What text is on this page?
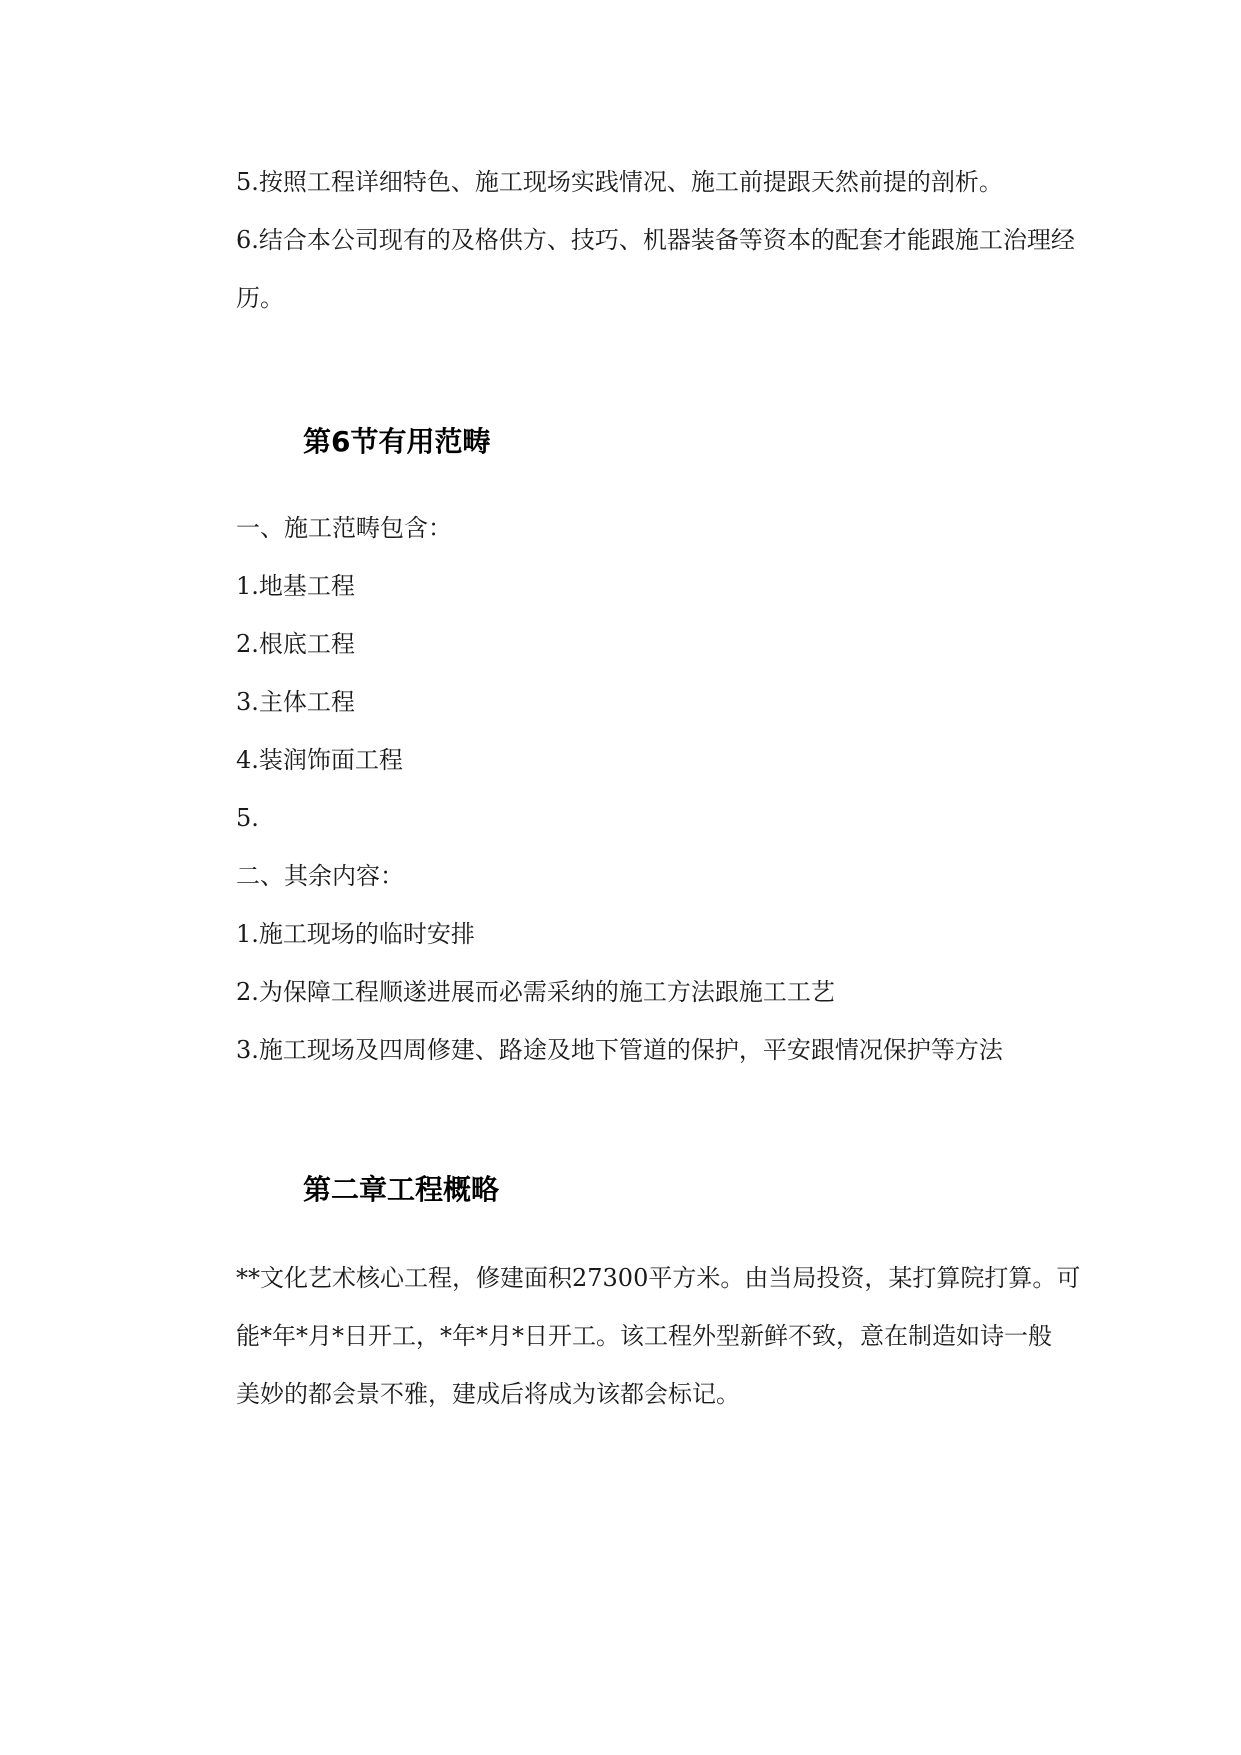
5.按照工程详细特色、施工现场实践情况、施工前提跟天然前提的剖析。
6.结合本公司现有的及格供方、技巧、机器装备等资本的配套才能跟施工治理经
历。
第6节有用范畴
一、施工范畴包含：
1.地基工程
2.根底工程
3.主体工程
4.装润饰面工程
5.
二、其余内容：
1.施工现场的临时安排
2.为保障工程顺遂进展而必需采纳的施工方法跟施工工艺
3.施工现场及四周修建、路途及地下管道的保护，平安跟情况保护等方法
第二章工程概略
**文化艺术核心工程，修建面积27300平方米。由当局投资，某打算院打算。可
能*年*月*日开工，*年*月*日开工。该工程外型新鲜不致，意在制造如诗一般
美妙的都会景不雅，建成后将成为该都会标记。
